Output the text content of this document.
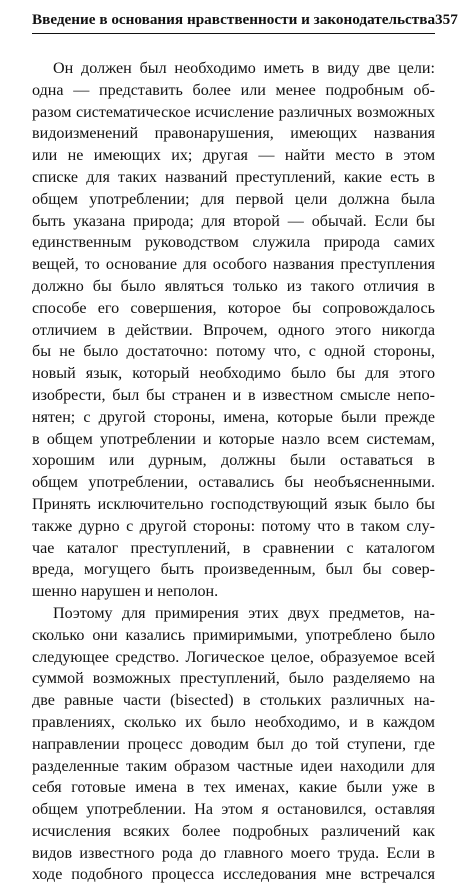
Введение в основания нравственности и законодательства 357
Он должен был необходимо иметь в виду две цели:
одна — представить более или менее подробным об-
разом систематическое исчисление различных возможных
видоизменений правонарушения, имеющих названия
или не имеющих их; другая — найти место в этом
списке для таких названий преступлений, какие есть в
общем употреблении; для первой цели должна была
быть указана природа; для второй — обычай. Если бы
единственным руководством служила природа самих
вещей, то основание для особого названия преступления
должно бы было являться только из такого отличия в
способе его совершения, которое бы сопровождалось
отличием в действии. Впрочем, одного этого никогда
бы не было достаточно: потому что, с одной стороны,
новый язык, который необходимо было бы для этого
изобрести, был бы странен и в известном смысле непо-
нятен; с другой стороны, имена, которые были прежде
в общем употреблении и которые назло всем системам,
хорошим или дурным, должны были оставаться в
общем употреблении, оставались бы необъясненными.
Принять исключительно господствующий язык было бы
также дурно с другой стороны: потому что в таком слу-
чае каталог преступлений, в сравнении с каталогом
вреда, могущего быть произведенным, был бы совер-
шенно нарушен и неполон.
Поэтому для примирения этих двух предметов, на-
сколько они казались примиримыми, употреблено было
следующее средство. Логическое целое, образуемое всей
суммой возможных преступлений, было разделяемо на
две равные части (bisected) в стольких различных на-
правлениях, сколько их было необходимо, и в каждом
направлении процесс доводим был до той ступени, где
разделенные таким образом частные идеи находили для
себя готовые имена в тех именах, какие были уже в
общем употреблении. На этом я остановился, оставляя
исчисления всяких более подробных различений как
видов известного рода до главного моего труда. Если в
ходе подобного процесса исследования мне встречался
